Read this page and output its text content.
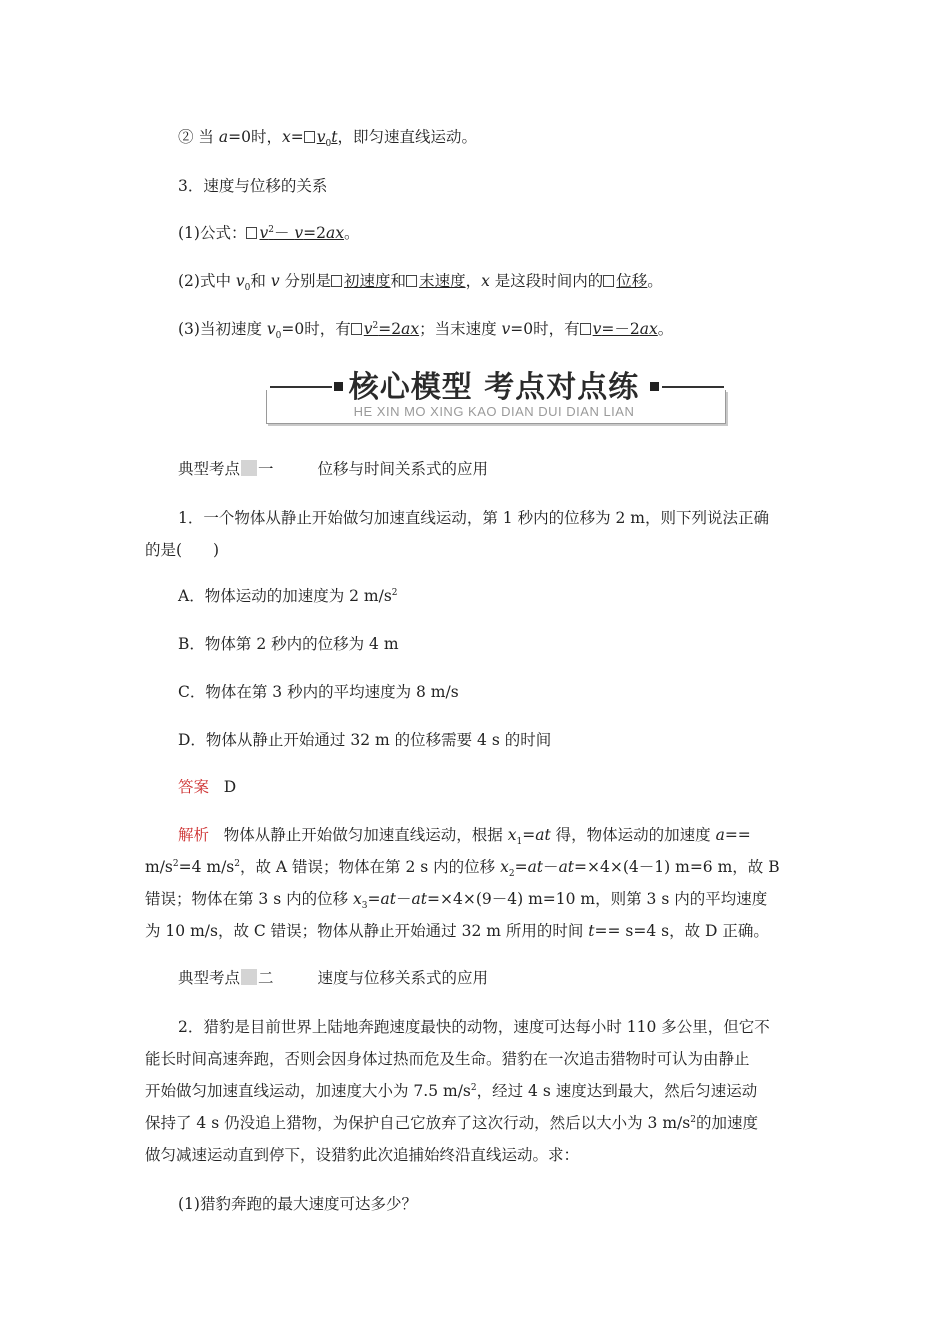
② 当 a=0时，$x= v_0t$，即匀速直线运动。
3．速度与位移的关系
(1)公式： $v^2- v=2ax$。
(2)式中 $v_0$和 v 分别是 初速度和 末速度，x 是这段时间内的 位移。
(3)当初速度 $v_0=0$时，有 $v^2=2ax$；当末速度 v=0时，有 v=－2ax。
核心模型 考点对点练
HE XIN MO XING KAO DIAN DUI DIAN LIAN
典型考点 一	位移与时间关系式的应用
1．一个物体从静止开始做匀加速直线运动，第 1 秒内的位移为 2 m，则下列说法正确
的是(　　)
A．物体运动的加速度为 2 $m/s^2$
B．物体第 2 秒内的位移为 4 m
C．物体在第 3 秒内的平均速度为 8 m/s
D．物体从静止开始通过 32 m 的位移需要 4 s 的时间
答案 D
解析 物体从静止开始做匀加速直线运动，根据 $x_1=at$ 得，物体运动的加速度 a==
$m/s^2=4$ $m/s^2$，故 A 错误；物体在第 2 s 内的位移 $x_2=at-at=\times 4\times(4-1)$ m=6 m，故 B
错误；物体在第 3 s 内的位移 $x_3=at-at=\times 4\times(9-4)$ m=10 m，则第 3 s 内的平均速度
为 10 m/s，故 C 错误；物体从静止开始通过 32 m 所用的时间 t== s=4 s，故 D 正确。
典型考点 二	速度与位移关系式的应用
2．猎豹是目前世界上陆地奔跑速度最快的动物，速度可达每小时 110 多公里，但它不
能长时间高速奔跑，否则会因身体过热而危及生命。猎豹在一次追击猎物时可认为由静止
开始做匀加速直线运动，加速度大小为 7.5 $m/s^2$，经过 4 s 速度达到最大，然后匀速运动
保持了 4 s 仍没追上猎物，为保护自己它放弃了这次行动，然后以大小为 3 $m/s^2$的加速度
做匀减速运动直到停下，设猎豹此次追捕始终沿直线运动。求：
(1)猎豹奔跑的最大速度可达多少？
